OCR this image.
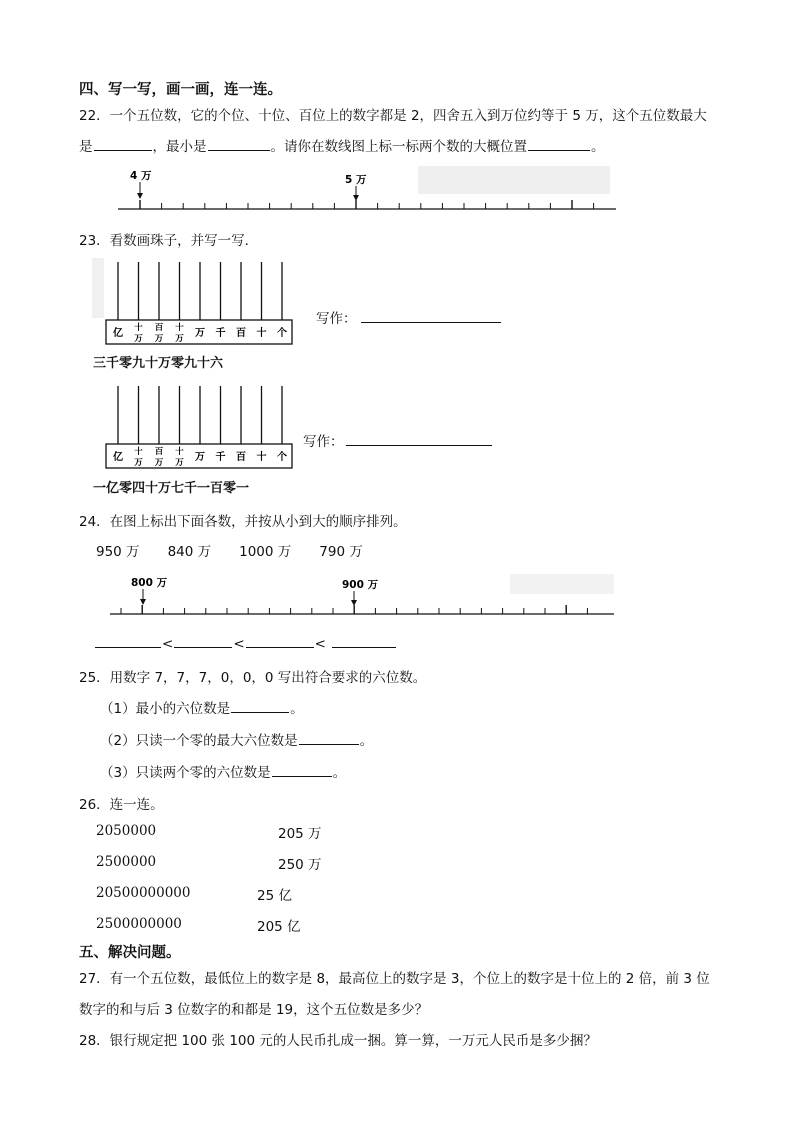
四、写一写，画一画，连一连。
22．一个五位数，它的个位、十位、百位上的数字都是 2，四舍五入到万位约等于 5 万，这个五位数最大
是	，最小是	。请你在数线图上标一标两个数的大概位置	。
4 万	5 万
23．看数画珠子，并写一写．
亿 十
万
百
万
十
万 万 千 百 十 个
三千零九十万零九十六
写作：
亿 十
万
百
万
十
万 万 千 百 十 个
一亿零四十万七千一百零一
写作：
24．在图上标出下面各数，并按从小到大的顺序排列。
950 万 840 万 1000 万 790 万
800 万	900 万
<	<	<
25．用数字 7，7，7，0，0，0 写出符合要求的六位数。
（1）最小的六位数是	。
（2）只读一个零的最大六位数是	。
（3）只读两个零的六位数是	。
26．连一连。
2050000
2500000
20500000000
2500000000
205 万
250 万
25 亿
205 亿
五、解决问题。
27．有一个五位数，最低位上的数字是 8，最高位上的数字是 3，个位上的数字是十位上的 2 倍，前 3 位
数字的和与后 3 位数字的和都是 19，这个五位数是多少？
28．银行规定把 100 张 100 元的人民币扎成一捆。算一算，一万元人民币是多少捆？
